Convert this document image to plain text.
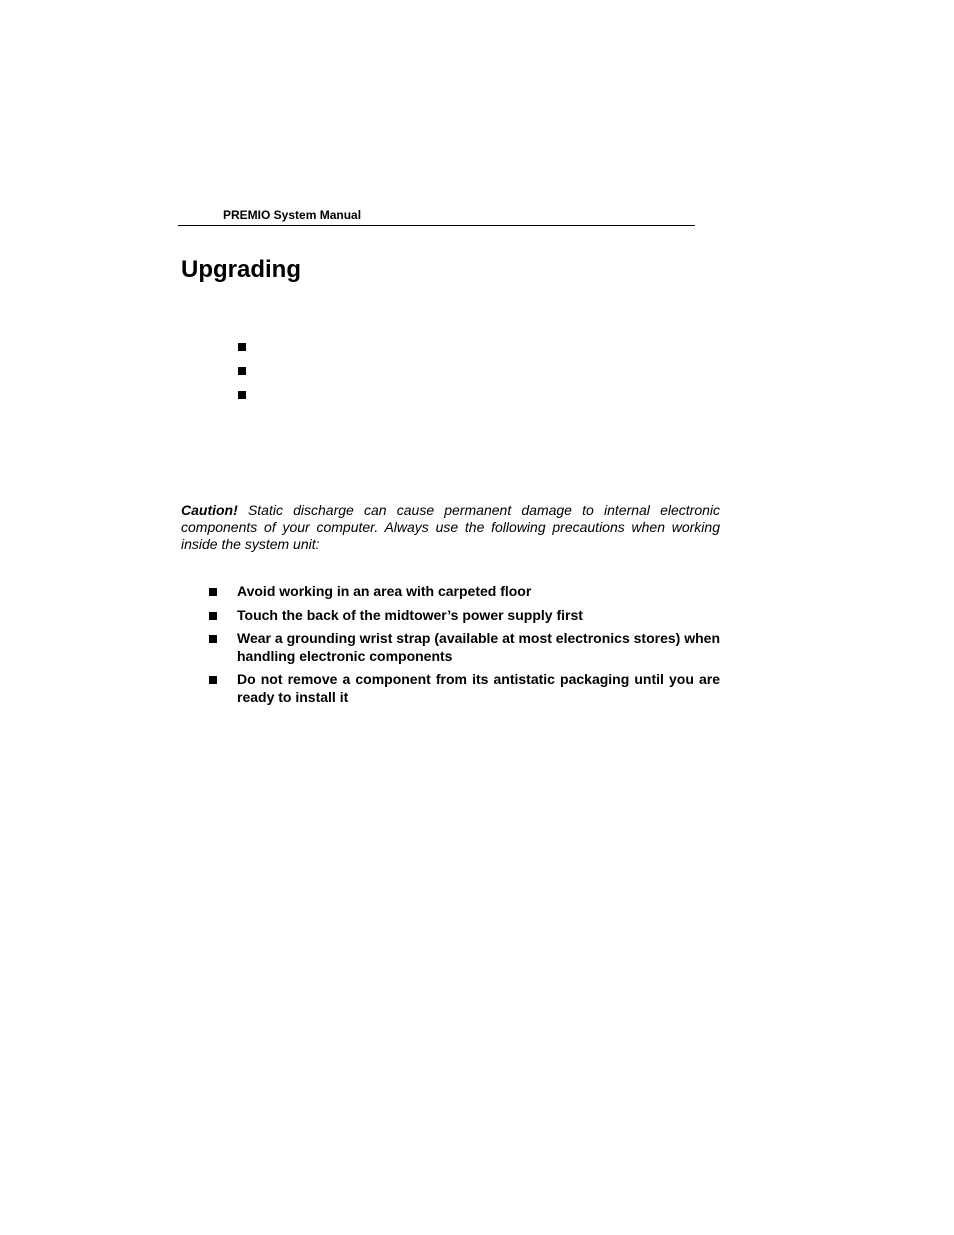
PREMIO System Manual
Upgrading

Caution! Static discharge can cause permanent damage to internal electronic components of your computer. Always use the following precautions when working inside the system unit:

Avoid working in an area with carpeted floor
Touch the back of the midtower’s power supply first
Wear a grounding wrist strap (available at most electronics stores) when handling electronic components
Do not remove a component from its antistatic packaging until you are ready to install it
